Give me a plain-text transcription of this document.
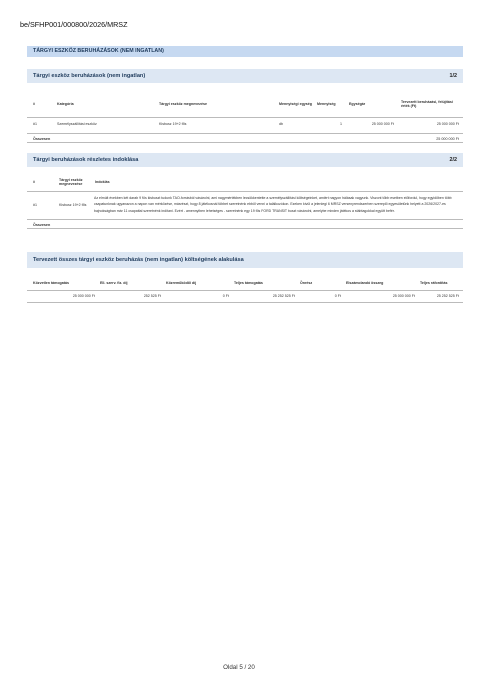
be/SFHP001/000800/2026/MRSZ
TÁRGYI ESZKÖZ BERUHÁZÁSOK (NEM INGATLAN)
Tárgyi eszköz beruházások (nem ingatlan)	1/2
#	Kategória	Tárgyi eszköz megnevezése	Mennyiségi egység	Mennyiség	Egységár	Tervezett beruházási, felújítási érték (Ft)
#1	Személyszállítási eszköz	Kisbusz 19+2 fős	db	1	25 000 000 Ft	25 000 000 Ft
Összesen	25 000 000 Ft
Tárgyi beruházások részletes indoklása	2/2
#	Tárgyi eszköz megnevezése	Indoklás
#1	Kisbusz 19+2 fős	Az elmúlt években két darab 9 fős kisbuszt tudunk TAO-forrásból vásárolni, ami nagymértékben lecsökkentette a személyszállítási költségeinket, amiért nagyon hálásak vagyunk. Viszont több esetben előfordul, hogy egyidőben több csapatunknak ugyanazon a napon van mérkőzése, másrészt, hogy 8 játékosnál többet szeretnénk ebből venni a találkozókon. Ezeken kívül a jelenlegi 6 MRSZ versenyrendszerben szereplő egyesületünk helyett a 2026/2027-es bajnokságban már 11 csapattal szeretnénk indítani. Ezért - amennyiben lehetséges - szeretnénk egy 19 fős FORD TRANSIT buszt vásárolni, amelybe minden játékos a stábtagokkal együtt befér.
Összesen
Tervezett összes tárgyi eszköz beruházás (nem ingatlan) költségének alakulása
Közvetlen támogatás	Ell. szerv. fiz. díj	Közreműködői díj	Teljes támogatás	Önrész	Elszámolandó összeg	Teljes ráfordítás
25 000 000 Ft	252 525 Ft	0 Ft	25 252 525 Ft	0 Ft	25 000 000 Ft	25 252 525 Ft
Oldal 5 / 20
